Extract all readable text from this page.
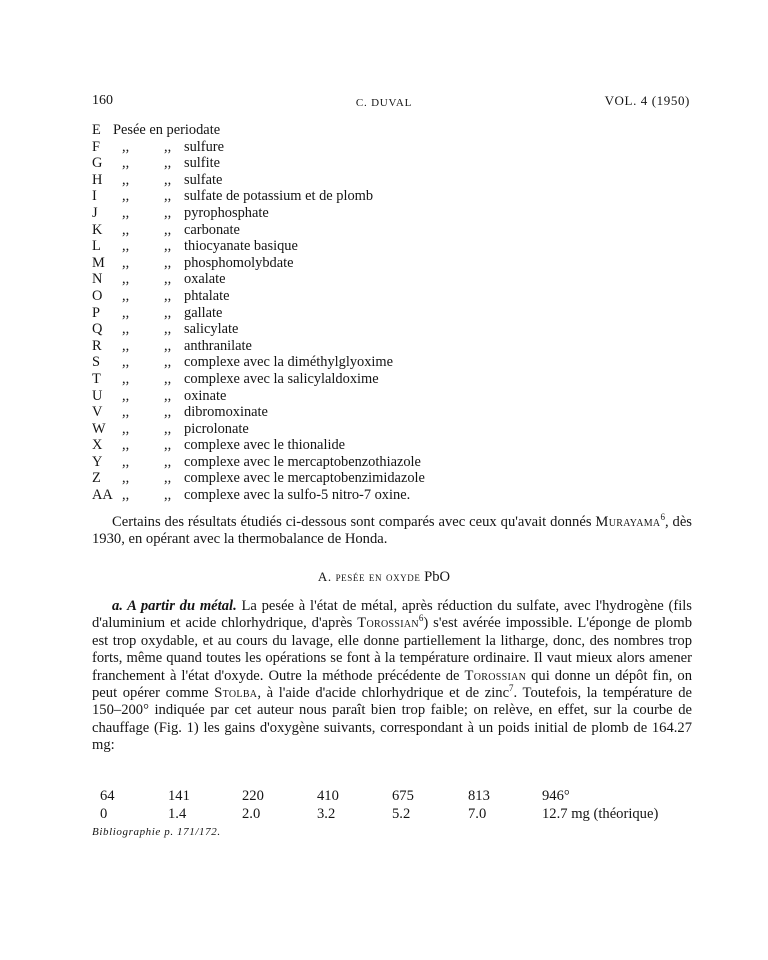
160	C. DUVAL	VOL. 4 (1950)
E Pesée en periodate
F ,, ,, sulfure
G ,, ,, sulfite
H ,, ,, sulfate
I ,, ,, sulfate de potassium et de plomb
J ,, ,, pyrophosphate
K ,, ,, carbonate
L ,, ,, thiocyanate basique
M ,, ,, phosphomolybdate
N ,, ,, oxalate
O ,, ,, phtalate
P ,, ,, gallate
Q ,, ,, salicylate
R ,, ,, anthranilate
S ,, ,, complexe avec la diméthylglyoxime
T ,, ,, complexe avec la salicylaldoxime
U ,, ,, oxinate
V ,, ,, dibromoxinate
W ,, ,, picrolonate
X ,, ,, complexe avec le thionalide
Y ,, ,, complexe avec le mercaptobenzothiazole
Z ,, ,, complexe avec le mercaptobenzimidazole
AA ,, ,, complexe avec la sulfo-5 nitro-7 oxine.

Certains des résultats étudiés ci-dessous sont comparés avec ceux qu'avait donnés Murayama$^6$, dès 1930, en opérant avec la thermobalance de Honda.

A. pesée en oxyde PbO

a. A partir du métal. La pesée à l'état de métal, après réduction du sulfate, avec l'hydrogène (fils d'aluminium et acide chlorhydrique, d'après Torossian$^6$) s'est avérée impossible. L'éponge de plomb est trop oxydable, et au cours du lavage, elle donne partiellement la litharge, donc, des nombres trop forts, même quand toutes les opérations se font à la température ordinaire. Il vaut mieux alors amener franchement à l'état d'oxyde. Outre la méthode précédente de Torossian qui donne un dépôt fin, on peut opérer comme Stolba, à l'aide d'acide chlorhydrique et de zinc$^7$. Toutefois, la température de 150–200° indiquée par cet auteur nous paraît bien trop faible; on relève, en effet, sur la courbe de chauffage (Fig. 1) les gains d'oxygène suivants, correspondant à un poids initial de plomb de 164.27 mg:

64	141	220	410	675	813	946°
0	1.4	2.0	3.2	5.2	7.0	12.7 mg (théorique)
Bibliographie p. 171/172.
